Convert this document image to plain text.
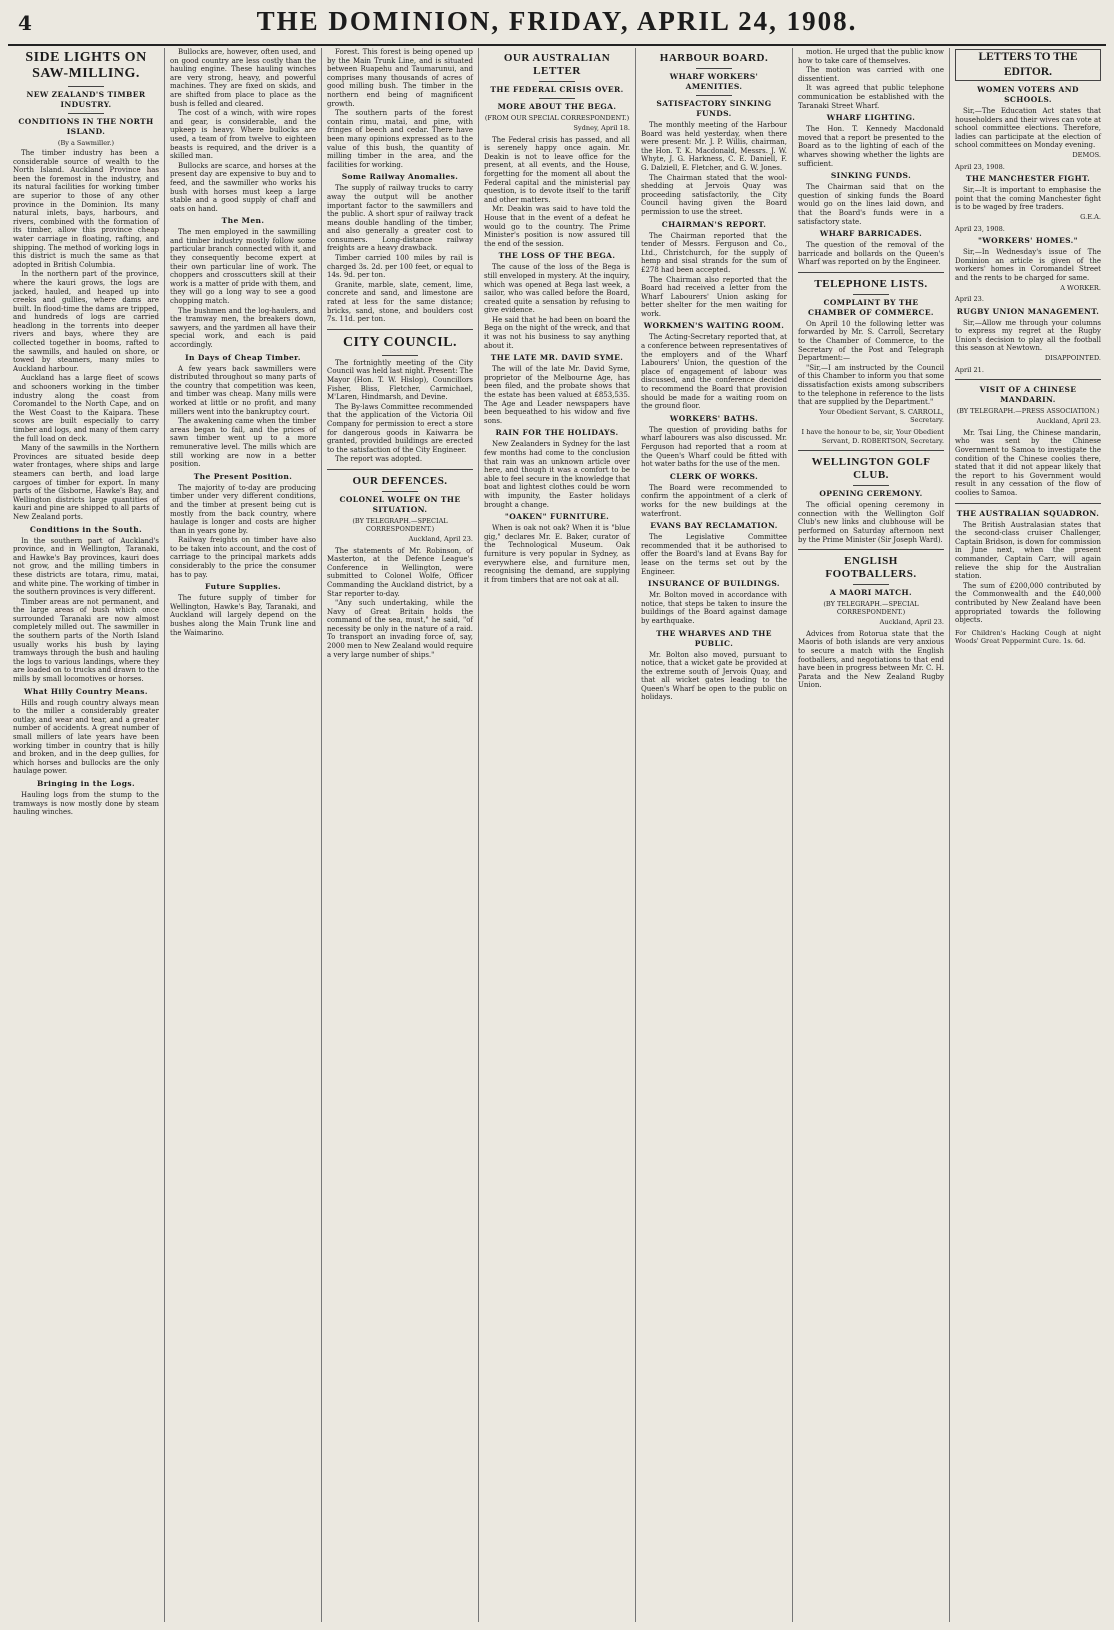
4	THE DOMINION, FRIDAY, APRIL 24, 1908.
SIDE LIGHTS ON SAW-MILLING.
NEW ZEALAND'S TIMBER INDUSTRY.
CONDITIONS IN THE NORTH ISLAND.
(By a Sawmiller.)

The timber industry has been a considerable source of wealth to the North Island. Auckland Province has been the foremost in the industry, and its natural facilities for working timber are superior to those of any other province in the Dominion. Its many natural inlets, bays, harbours, and rivers, combined with the formation of its timber, allow this province cheap water carriage in floating, rafting, and shipping. The method of working logs in this district is much the same as that adopted in British Columbia.

In the northern part of the province, where the kauri grows, the logs are jacked, hauled, and heaped up into creeks and gullies, where dams are built. In flood-time the dams are tripped, and hundreds of logs are carried headlong in the torrents into deeper rivers and bays, where they are collected together in booms, rafted to the sawmills, and hauled on shore, or towed by steamers, many miles to Auckland harbour.

Auckland has a large fleet of scows and schooners working in the timber industry along the coast from Coromandel to the North Cape, and on the West Coast to the Kaipara. These scows are built especially to carry timber and logs, and many of them carry the full load on deck.

Many of the sawmills in the Northern Provinces are situated beside deep water frontages, where ships and large steamers can berth, and load large cargoes of timber for export. In many parts of the Gisborne, Hawke's Bay, and Wellington districts large quantities of kauri and pine are shipped to all parts of New Zealand ports.

Conditions in the South.

In the southern part of Auckland's province, and in Wellington, Taranaki, and Hawke's Bay provinces, kauri does not grow, and the milling timbers in these districts are totara, rimu, matai, and white pine. The working of timber in the southern provinces is very different.

Timber areas are not permanent, and the large areas of bush which once surrounded Taranaki are now almost completely milled out. The sawmiller in the southern parts of the North Island usually works his bush by laying tramways through the bush and hauling the logs to various landings, where they are loaded on to trucks and drawn to the mills by small locomotives or horses.

What Hilly Country Means.

Hills and rough country always mean to the miller a considerably greater outlay, and wear and tear, and a greater number of accidents. A great number of small millers of late years have been working timber in country that is hilly and broken, and in the deep gullies, for which horses and bullocks are the only haulage power.

Bringing in the Logs.

Hauling logs from the stump to the tramways is now mostly done by steam hauling winches.

Bullocks are, however, often used, and on good country are less costly than the hauling engine. These hauling winches are very strong, heavy, and powerful machines. They are fixed on skids, and are shifted from place to place as the bush is felled and cleared.

The cost of a winch, with wire ropes and gear, is considerable, and the upkeep is heavy. Where bullocks are used, a team of from twelve to eighteen beasts is required, and the driver is a skilled man.

Bullocks are scarce, and horses at the present day are expensive to buy and to feed, and the sawmiller who works his bush with horses must keep a large stable and a good supply of chaff and oats on hand.

The Men.

The men employed in the sawmilling and timber industry mostly follow some particular branch connected with it, and they consequently become expert at their own particular line of work. The choppers and crosscutters skill at their work is a matter of pride with them, and they will go a long way to see a good chopping match.

The bushmen and the log-haulers, and the tramway men, the breakers down, sawyers, and the yardmen all have their special work, and each is paid accordingly.

In Days of Cheap Timber.

A few years back sawmillers were distributed throughout so many parts of the country that competition was keen, and timber was cheap. Many mills were worked at little or no profit, and many millers went into the bankruptcy court.

The awakening came when the timber areas began to fail, and the prices of sawn timber went up to a more remunerative level. The mills which are still working are now in a better position.

The Present Position.

The majority of to-day are producing timber under very different conditions, and the timber at present being cut is mostly from the back country, where haulage is longer and costs are higher than in years gone by.

Railway freights on timber have also to be taken into account, and the cost of carriage to the principal markets adds considerably to the price the consumer has to pay.

Future Supplies.

The future supply of timber for Wellington, Hawke's Bay, Taranaki, and Auckland will largely depend on the bushes along the Main Trunk line and the Waimarino.

Forest. This forest is being opened up by the Main Trunk Line, and is situated between Ruapehu and Taumarunui, and comprises many thousands of acres of good milling bush. The timber in the northern end being of magnificent growth.

The southern parts of the forest contain rimu, matai, and pine, with fringes of beech and cedar. There have been many opinions expressed as to the value of this bush, the quantity of milling timber in the area, and the facilities for working.

Some Railway Anomalies.

The supply of railway trucks to carry away the output will be another important factor to the sawmillers and the public. A short spur of railway track means double handling of the timber, and also generally a greater cost to consumers. Long-distance railway freights are a heavy drawback.

Timber carried 100 miles by rail is charged 3s. 2d. per 100 feet, or equal to 14s. 9d. per ton.

Granite, marble, slate, cement, lime, concrete and sand, and limestone are rated at less for the same distance; bricks, sand, stone, and boulders cost 7s. 11d. per ton.

CITY COUNCIL.

The fortnightly meeting of the City Council was held last night. Present: The Mayor (Hon. T. W. Hislop), Councillors Fisher, Bliss, Fletcher, Carmichael, M'Laren, Hindmarsh, and Devine.

The By-laws Committee recommended that the application of the Victoria Oil Company for permission to erect a store for dangerous goods in Kaiwarra be granted, provided buildings are erected to the satisfaction of the City Engineer.

The report was adopted.

OUR DEFENCES.
COLONEL WOLFE ON THE SITUATION.
(BY TELEGRAPH.—SPECIAL CORRESPONDENT.)
Auckland, April 23.

The statements of Mr. Robinson, of Masterton, at the Defence League's Conference in Wellington, were submitted to Colonel Wolfe, Officer Commanding the Auckland district, by a Star reporter to-day.

"Any such undertaking, while the Navy of Great Britain holds the command of the sea, must," he said, "of necessity be only in the nature of a raid. To transport an invading force of, say, 2000 men to New Zealand would require a very large number of ships."

OUR AUSTRALIAN LETTER
THE FEDERAL CRISIS OVER.
MORE ABOUT THE BEGA.
(FROM OUR SPECIAL CORRESPONDENT.)
Sydney, April 18.

The Federal crisis has passed, and all is serenely happy once again. Mr. Deakin is not to leave office for the present, at all events, and the House, forgetting for the moment all about the Federal capital and the ministerial pay question, is to devote itself to the tariff and other matters.

Mr. Deakin was said to have told the House that in the event of a defeat he would go to the country. The Prime Minister's position is now assured till the end of the session.

THE LOSS OF THE BEGA.

The cause of the loss of the Bega is still enveloped in mystery. At the inquiry, which was opened at Bega last week, a sailor, who was called before the Board, created quite a sensation by refusing to give evidence.

He said that he had been on board the Bega on the night of the wreck, and that it was not his business to say anything about it.

THE LATE MR. DAVID SYME.

The will of the late Mr. David Syme, proprietor of the Melbourne Age, has been filed, and the probate shows that the estate has been valued at £853,535. The Age and Leader newspapers have been bequeathed to his widow and five sons.

RAIN FOR THE HOLIDAYS.

New Zealanders in Sydney for the last few months had come to the conclusion that rain was an unknown article over here, and though it was a comfort to be able to feel secure in the knowledge that boat and lightest clothes could be worn with impunity, the Easter holidays brought a change.

"OAKEN" FURNITURE.

When is oak not oak? When it is "blue gig," declares Mr. E. Baker, curator of the Technological Museum. Oak furniture is very popular in Sydney, as everywhere else, and furniture men, recognising the demand, are supplying it from timbers that are not oak at all.

HARBOUR BOARD.
WHARF WORKERS' AMENITIES.
SATISFACTORY SINKING FUNDS.

The monthly meeting of the Harbour Board was held yesterday, when there were present: Mr. J. P. Willis, chairman, the Hon. T. K. Macdonald, Messrs. J. W. Whyte, J. G. Harkness, C. E. Daniell, F. G. Dalziell, E. Fletcher, and G. W. Jones.

The Chairman stated that the wool-shedding at Jervois Quay was proceeding satisfactorily, the City Council having given the Board permission to use the street.

CHAIRMAN'S REPORT.

The Chairman reported that the tender of Messrs. Ferguson and Co., Ltd., Christchurch, for the supply of hemp and sisal strands for the sum of £278 had been accepted.

The Chairman also reported that the Board had received a letter from the Wharf Labourers' Union asking for better shelter for the men waiting for work.

WORKMEN'S WAITING ROOM.

The Acting-Secretary reported that, at a conference between representatives of the employers and of the Wharf Labourers' Union, the question of the place of engagement of labour was discussed, and the conference decided to recommend the Board that provision should be made for a waiting room on the ground floor.

WORKERS' BATHS.

The question of providing baths for wharf labourers was also discussed. Mr. Ferguson had reported that a room at the Queen's Wharf could be fitted with hot water baths for the use of the men.

CLERK OF WORKS.

The Board were recommended to confirm the appointment of a clerk of works for the new buildings at the waterfront.

EVANS BAY RECLAMATION.

The Legislative Committee recommended that it be authorised to offer the Board's land at Evans Bay for lease on the terms set out by the Engineer.

INSURANCE OF BUILDINGS.

Mr. Bolton moved in accordance with notice, that steps be taken to insure the buildings of the Board against damage by earthquake.

THE WHARVES AND THE PUBLIC.

Mr. Bolton also moved, pursuant to notice, that a wicket gate be provided at the extreme south of Jervois Quay, and that all wicket gates leading to the Queen's Wharf be open to the public on holidays.

motion. He urged that the public know how to take care of themselves.

The motion was carried with one dissentient.

It was agreed that public telephone communication be established with the Taranaki Street Wharf.

WHARF LIGHTING.

The Hon. T. Kennedy Macdonald moved that a report be presented to the Board as to the lighting of each of the wharves showing whether the lights are sufficient.

SINKING FUNDS.

The Chairman said that on the question of sinking funds the Board would go on the lines laid down, and that the Board's funds were in a satisfactory state.

WHARF BARRICADES.

The question of the removal of the barricade and bollards on the Queen's Wharf was reported on by the Engineer.

TELEPHONE LISTS.
COMPLAINT BY THE CHAMBER OF COMMERCE.

On April 10 the following letter was forwarded by Mr. S. Carroll, Secretary to the Chamber of Commerce, to the Secretary of the Post and Telegraph Department:—

"Sir,—I am instructed by the Council of this Chamber to inform you that some dissatisfaction exists among subscribers to the telephone in reference to the lists that are supplied by the Department."

Your Obedient Servant, S. CARROLL, Secretary.
I have the honour to be, sir, Your Obedient Servant, D. ROBERTSON, Secretary.
WELLINGTON GOLF CLUB.
OPENING CEREMONY.

The official opening ceremony in connection with the Wellington Golf Club's new links and clubhouse will be performed on Saturday afternoon next by the Prime Minister (Sir Joseph Ward).

ENGLISH FOOTBALLERS.
A MAORI MATCH.
(BY TELEGRAPH.—SPECIAL CORRESPONDENT.)
Auckland, April 23.

Advices from Rotorua state that the Maoris of both islands are very anxious to secure a match with the English footballers, and negotiations to that end have been in progress between Mr. C. H. Parata and the New Zealand Rugby Union.

LETTERS TO THE EDITOR.
WOMEN VOTERS AND SCHOOLS.

Sir,—The Education Act states that householders and their wives can vote at school committee elections. Therefore, ladies can participate at the election of school committees on Monday evening.

DEMOS.
April 23, 1908.
THE MANCHESTER FIGHT.

Sir,—It is important to emphasise the point that the coming Manchester fight is to be waged by free traders.

G.E.A.
April 23, 1908.
"WORKERS' HOMES."

Sir,—In Wednesday's issue of The Dominion an article is given of the workers' homes in Coromandel Street and the rents to be charged for same.

A WORKER.
April 23.
RUGBY UNION MANAGEMENT.

Sir,—Allow me through your columns to express my regret at the Rugby Union's decision to play all the football this season at Newtown.

DISAPPOINTED.
April 21.
VISIT OF A CHINESE MANDARIN.
(BY TELEGRAPH.—PRESS ASSOCIATION.)
Auckland, April 23.

Mr. Tsai Ling, the Chinese mandarin, who was sent by the Chinese Government to Samoa to investigate the condition of the Chinese coolies there, stated that it did not appear likely that the report to his Government would result in any cessation of the flow of coolies to Samoa.

THE AUSTRALIAN SQUADRON.

The British Australasian states that the second-class cruiser Challenger, Captain Bridson, is down for commission in June next, when the present commander, Captain Carr, will again relieve the ship for the Australian station.

The sum of £200,000 contributed by the Commonwealth and the £40,000 contributed by New Zealand have been appropriated towards the following objects.

For Children's Hacking Cough at night Woods' Great Peppermint Cure. 1s. 6d.
